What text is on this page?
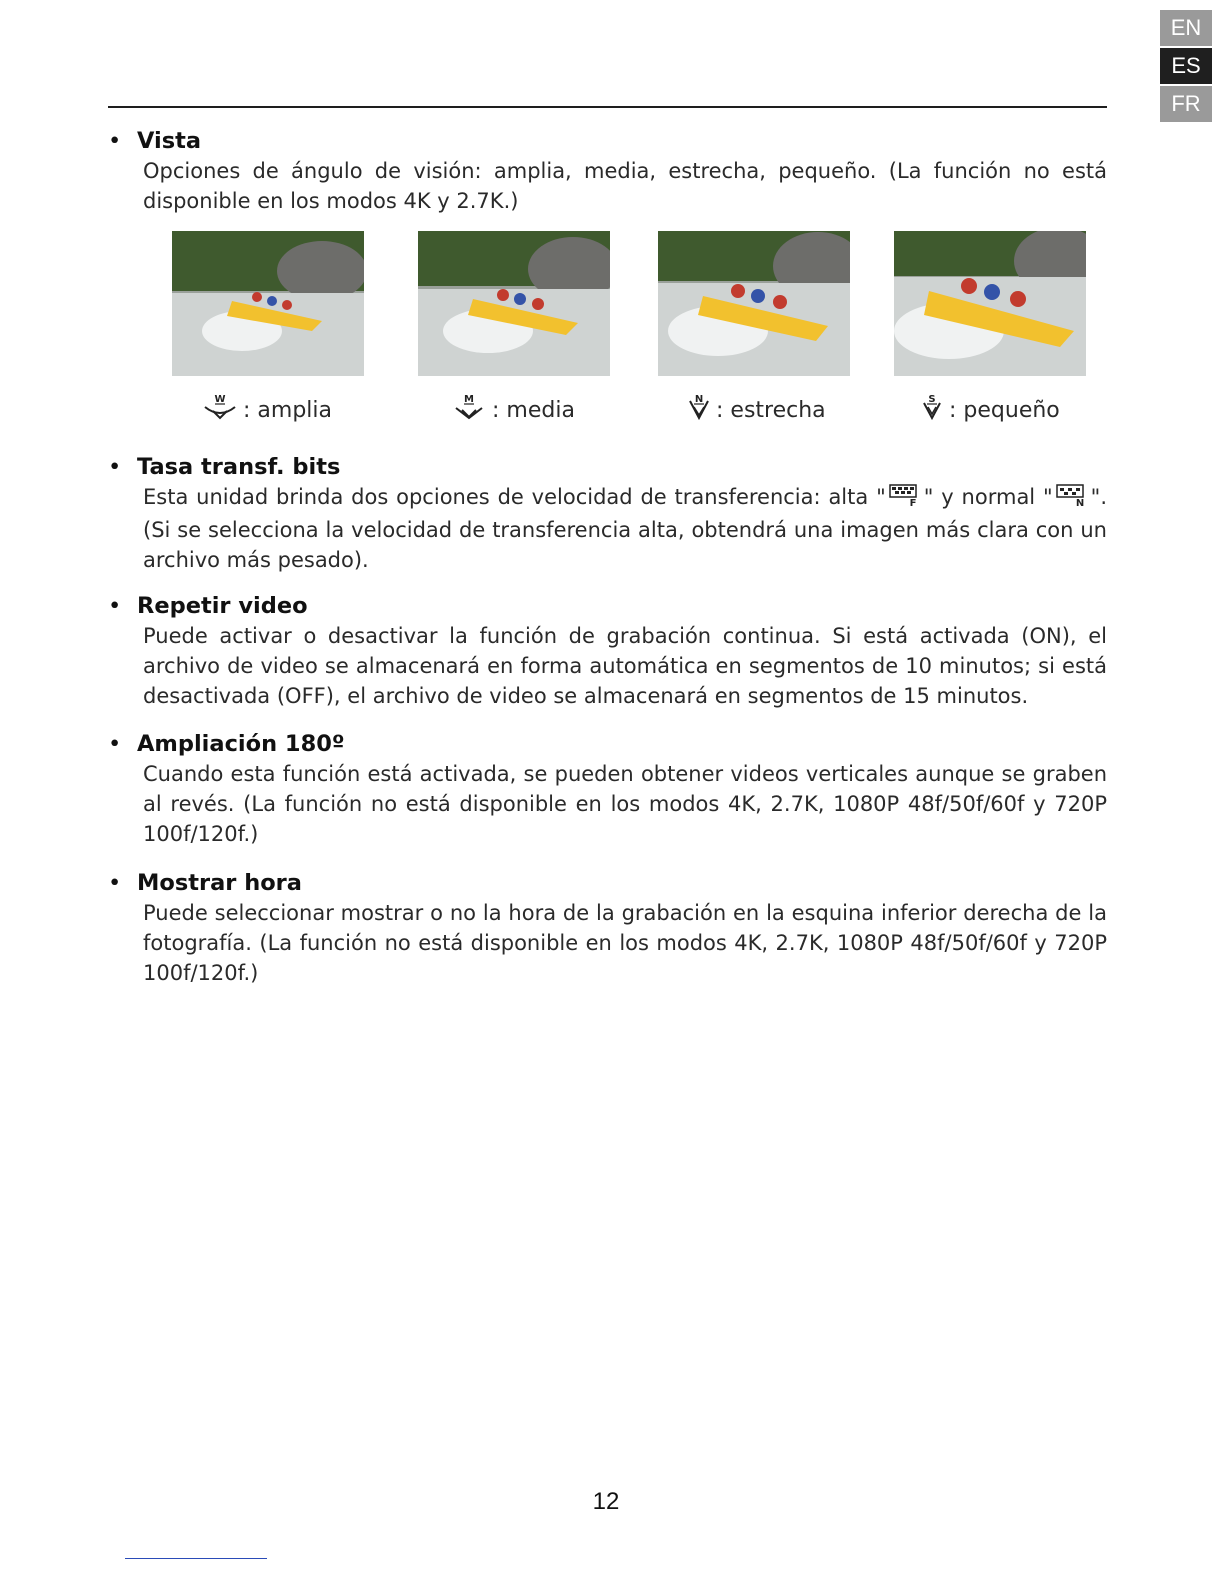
EN
ES
FR
• Vista
Opciones de ángulo de visión: amplia, media, estrecha, pequeño. (La función no está disponible en los modos 4K y 2.7K.)
W : amplia	M : media	N : estrecha	S : pequeño
• Tasa transf. bits
Esta unidad brinda dos opciones de velocidad de transferencia: alta " F " y normal " N ". (Si se selecciona la velocidad de transferencia alta, obtendrá una imagen más clara con un archivo más pesado).
• Repetir video
Puede activar o desactivar la función de grabación continua. Si está activada (ON), el archivo de video se almacenará en forma automática en segmentos de 10 minutos; si está desactivada (OFF), el archivo de video se almacenará en segmentos de 15 minutos.
• Ampliación 180º
Cuando esta función está activada, se pueden obtener videos verticales aunque se graben al revés. (La función no está disponible en los modos 4K, 2.7K, 1080P 48f/50f/60f y 720P 100f/120f.)
• Mostrar hora
Puede seleccionar mostrar o no la hora de la grabación en la esquina inferior derecha de la fotografía. (La función no está disponible en los modos 4K, 2.7K, 1080P 48f/50f/60f y 720P 100f/120f.)
12
